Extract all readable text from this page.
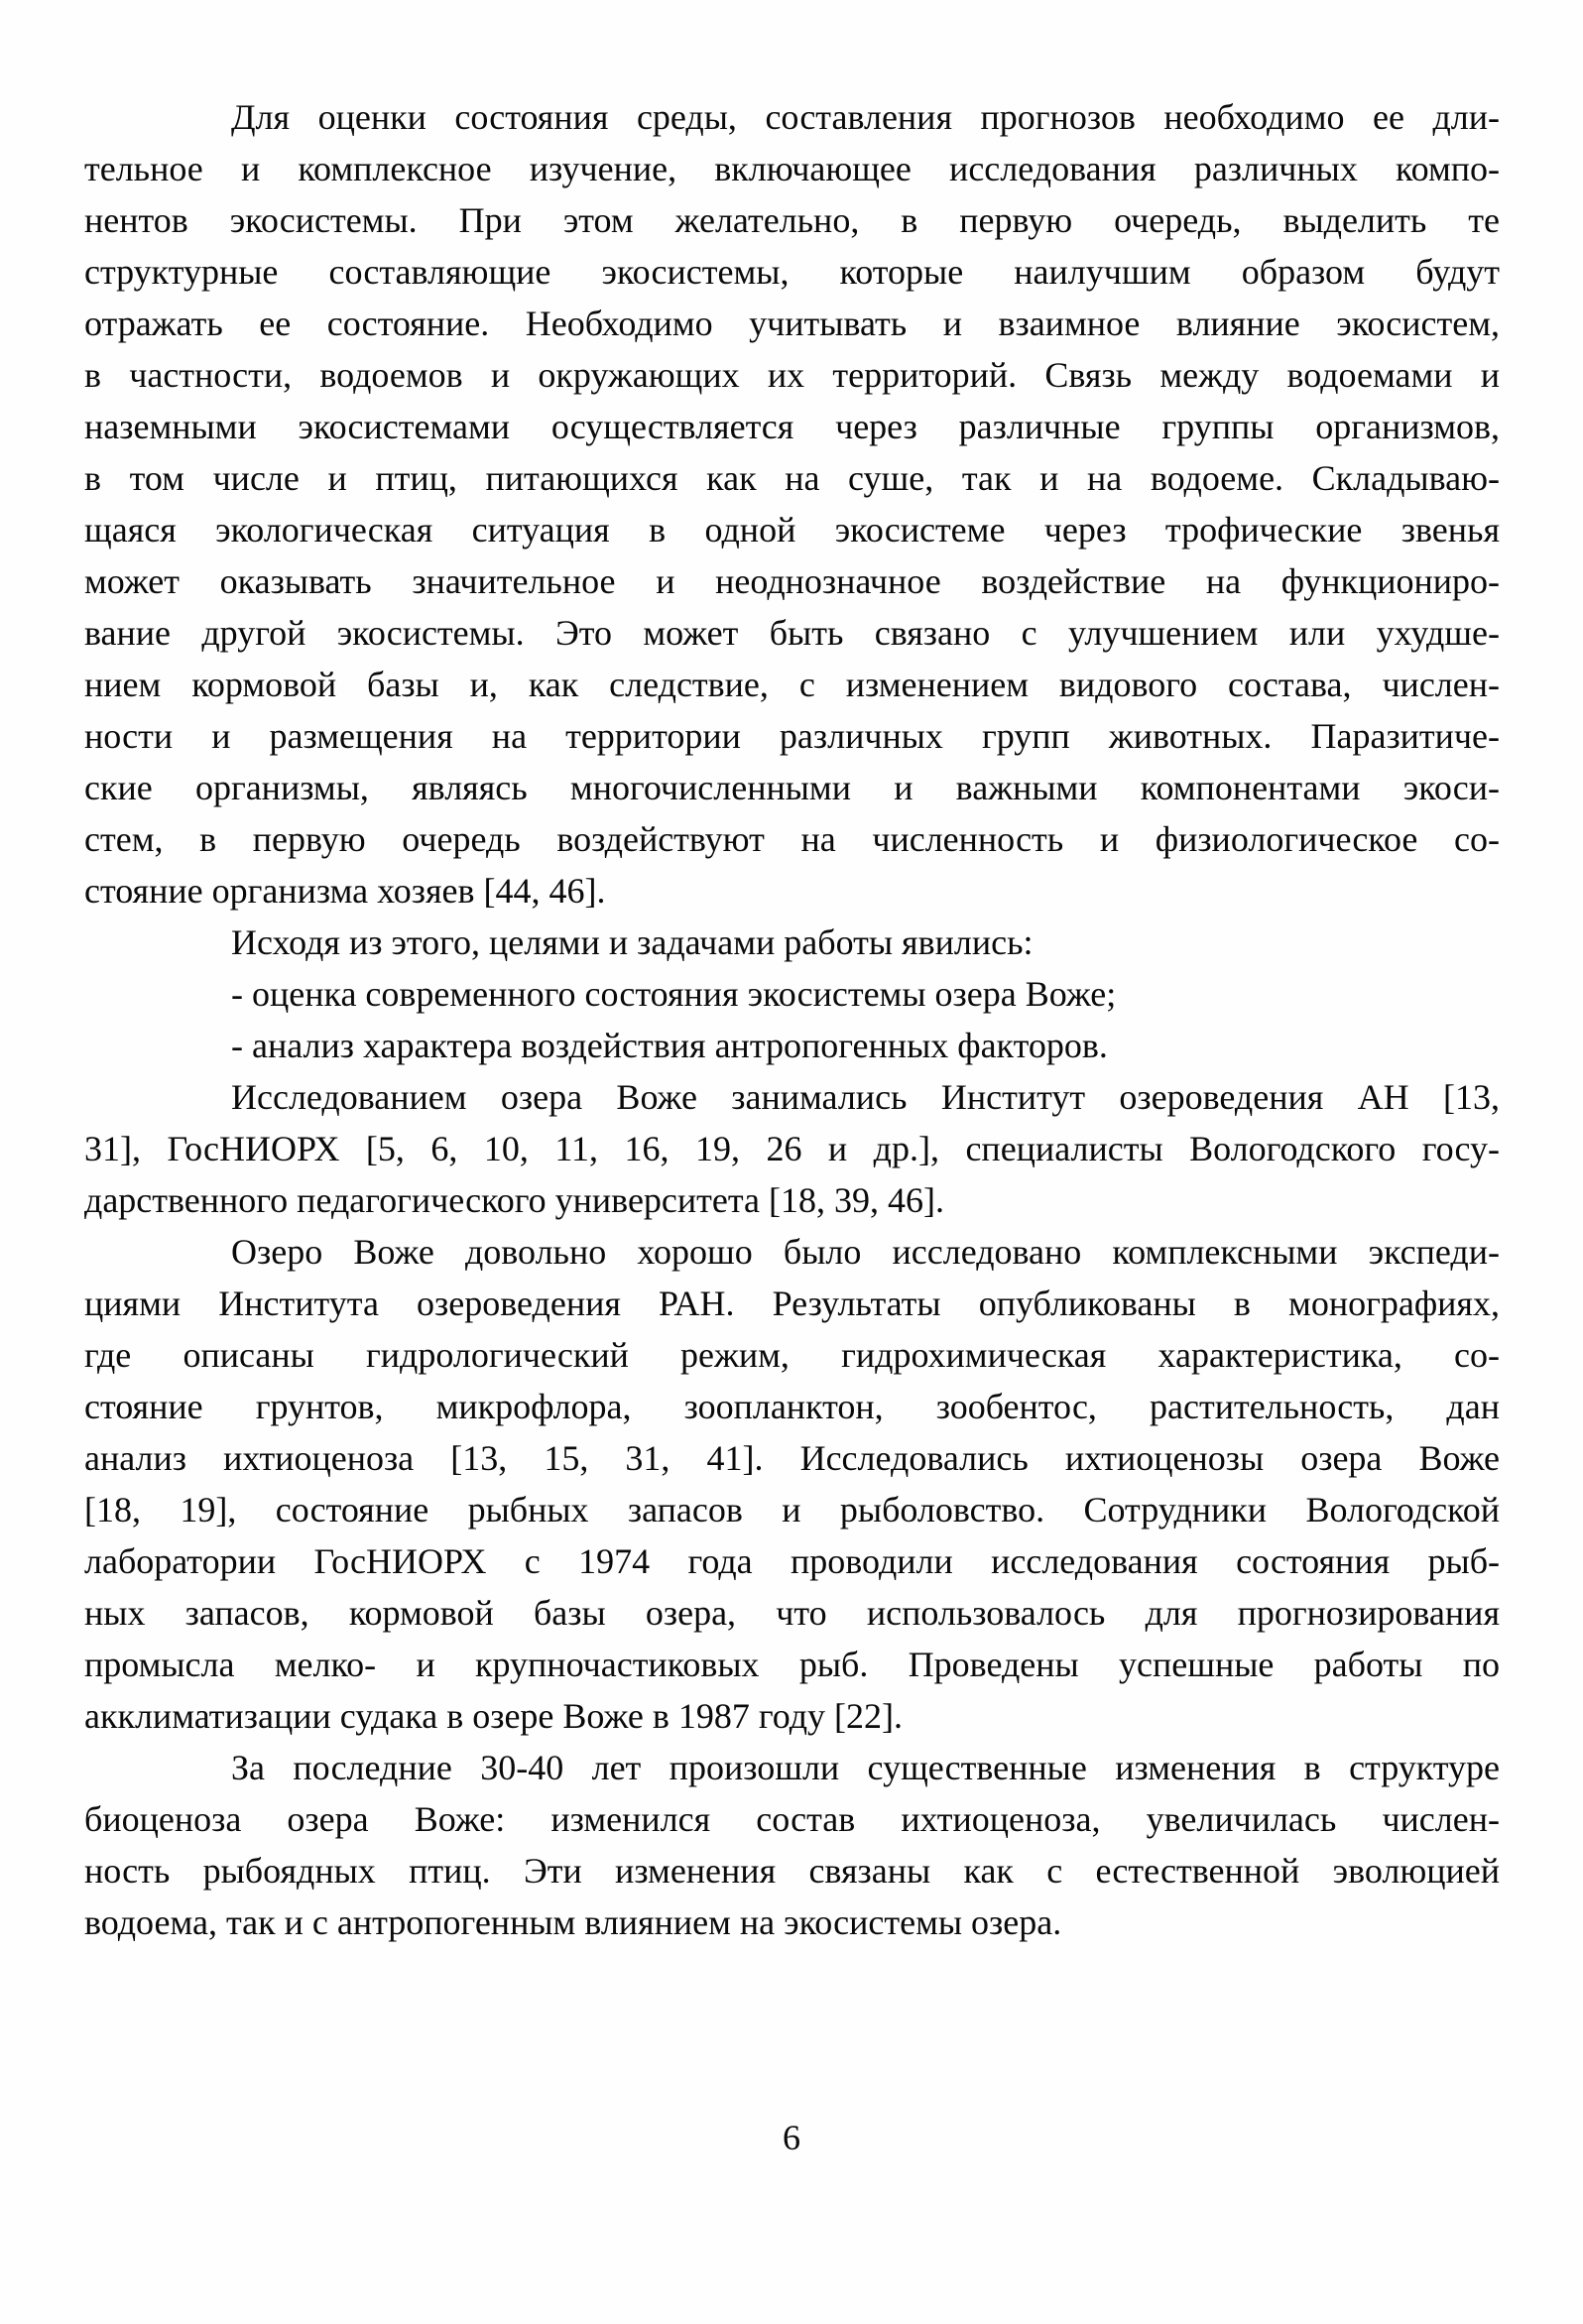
Для оценки состояния среды, составления прогнозов необходимо ее дли-
тельное и комплексное изучение, включающее исследования различных компо-
нентов экосистемы. При этом желательно, в первую очередь, выделить те
структурные составляющие экосистемы, которые наилучшим образом будут
отражать ее состояние. Необходимо учитывать и взаимное влияние экосистем,
в частности, водоемов и окружающих их территорий. Связь между водоемами и
наземными экосистемами осуществляется через различные группы организмов,
в том числе и птиц, питающихся как на суше, так и на водоеме. Складываю-
щаяся экологическая ситуация в одной экосистеме через трофические звенья
может оказывать значительное и неоднозначное воздействие на функциониро-
вание другой экосистемы. Это может быть связано с улучшением или ухудше-
нием кормовой базы и, как следствие, с изменением видового состава, числен-
ности и размещения на территории различных групп животных. Паразитиче-
ские организмы, являясь многочисленными и важными компонентами экоси-
стем, в первую очередь воздействуют на численность и физиологическое со-
стояние организма хозяев [44, 46].
Исходя из этого, целями и задачами работы явились:
- оценка современного состояния экосистемы озера Воже;
- анализ характера воздействия антропогенных факторов.
Исследованием озера Воже занимались Институт озероведения АН [13,
31], ГосНИОРХ [5, 6, 10, 11, 16, 19, 26 и др.], специалисты Вологодского госу-
дарственного педагогического университета [18, 39, 46].
Озеро Воже довольно хорошо было исследовано комплексными экспеди-
циями Института озероведения РАН. Результаты опубликованы в монографиях,
где описаны гидрологический режим, гидрохимическая характеристика, со-
стояние грунтов, микрофлора, зоопланктон, зообентос, растительность, дан
анализ ихтиоценоза [13, 15, 31, 41]. Исследовались ихтиоценозы озера Воже
[18, 19], состояние рыбных запасов и рыболовство. Сотрудники Вологодской
лаборатории ГосНИОРХ с 1974 года проводили исследования состояния рыб-
ных запасов, кормовой базы озера, что использовалось для прогнозирования
промысла мелко- и крупночастиковых рыб. Проведены успешные работы по
акклиматизации судака в озере Воже в 1987 году [22].
За последние 30-40 лет произошли существенные изменения в структуре
биоценоза озера Воже: изменился состав ихтиоценоза, увеличилась числен-
ность рыбоядных птиц. Эти изменения связаны как с естественной эволюцией
водоема, так и с антропогенным влиянием на экосистемы озера.
6
